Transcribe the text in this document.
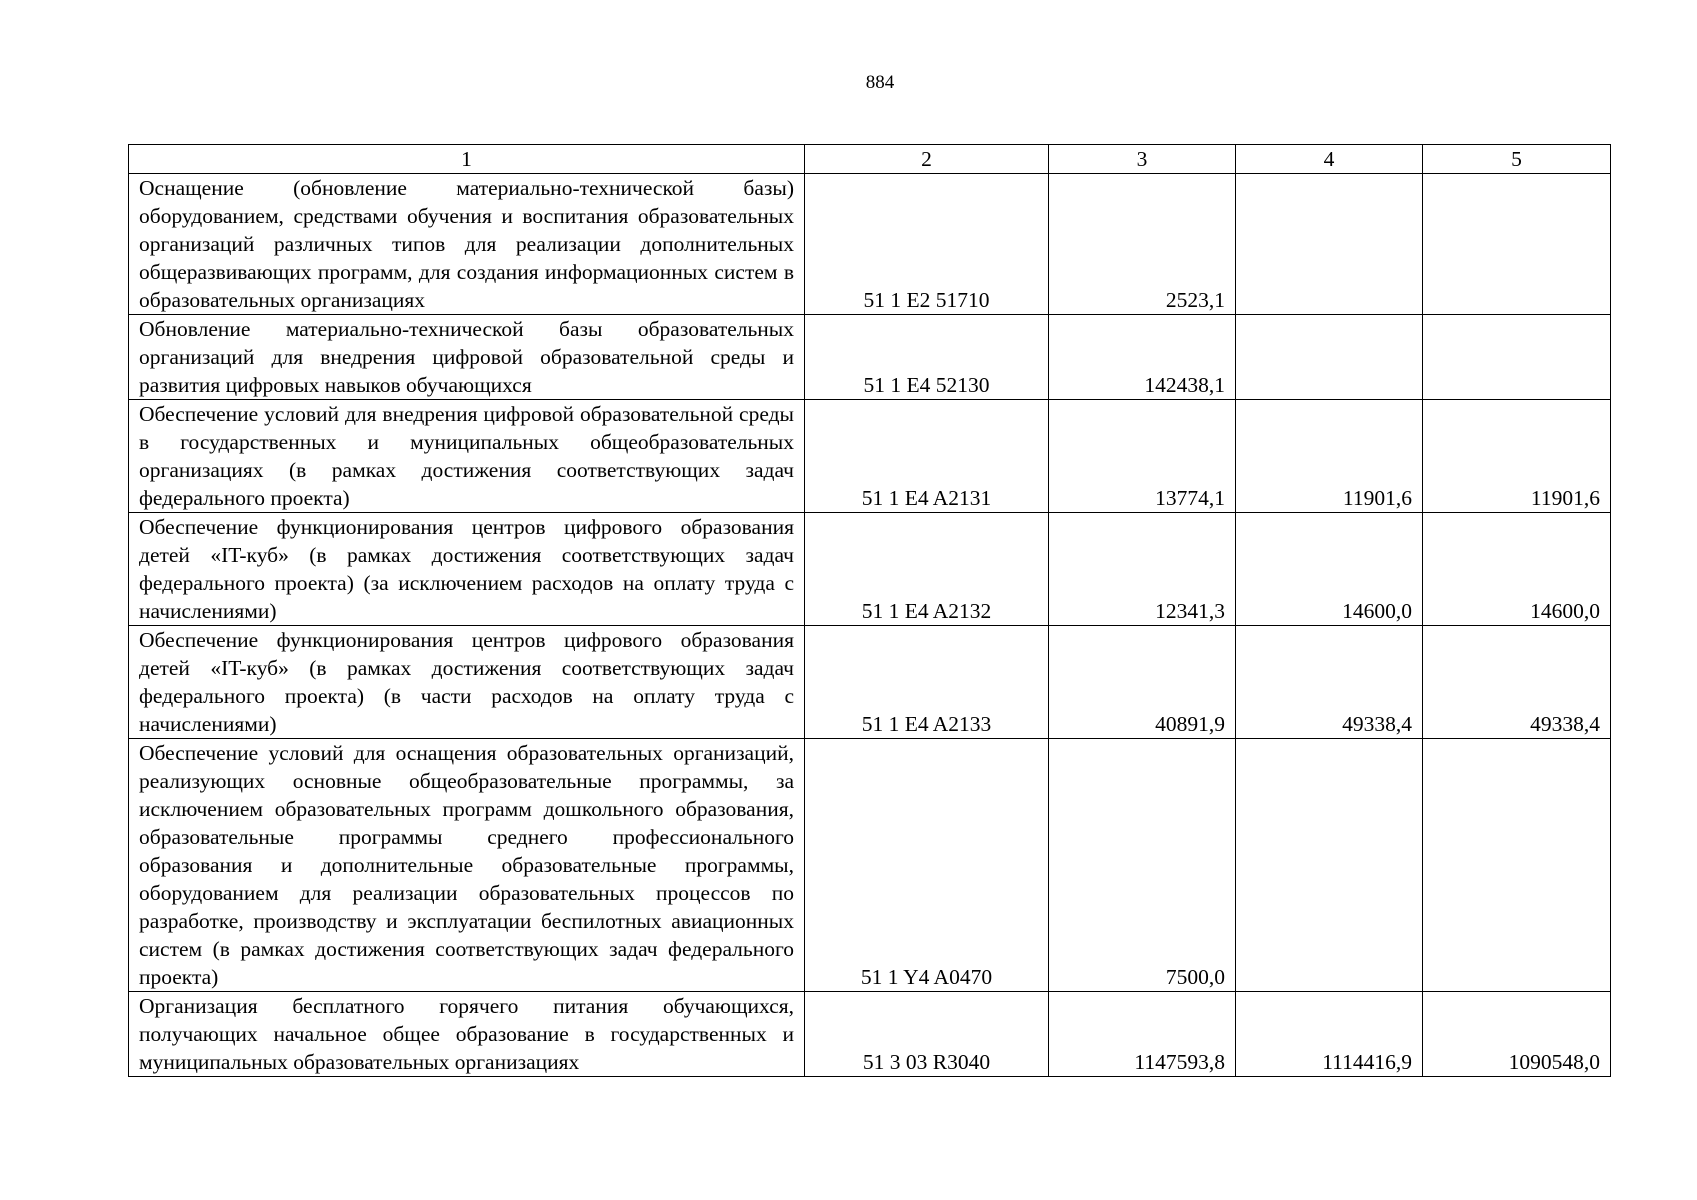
884
1	2	3	4	5
Оснащение (обновление материально-технической базы) оборудованием, средствами обучения и воспитания образовательных организаций различных типов для реализации дополнительных общеразвивающих программ, для создания информационных систем в образовательных организациях	51 1 E2 51710	2523,1		
Обновление материально-технической базы образовательных организаций для внедрения цифровой образовательной среды и развития цифровых навыков обучающихся	51 1 E4 52130	142438,1		
Обеспечение условий для внедрения цифровой образовательной среды в государственных и муниципальных общеобразовательных организациях (в рамках достижения соответствующих задач федерального проекта)	51 1 E4 A2131	13774,1	11901,6	11901,6
Обеспечение функционирования центров цифрового образования детей «IT-куб» (в рамках достижения соответствующих задач федерального проекта) (за исключением расходов на оплату труда с начислениями)	51 1 E4 A2132	12341,3	14600,0	14600,0
Обеспечение функционирования центров цифрового образования детей «IT-куб» (в рамках достижения соответствующих задач федерального проекта) (в части расходов на оплату труда с начислениями)	51 1 E4 A2133	40891,9	49338,4	49338,4
Обеспечение условий для оснащения образовательных организаций, реализующих основные общеобразовательные программы, за исключением образовательных программ дошкольного образования, образовательные программы среднего профессионального образования и дополнительные образовательные программы, оборудованием для реализации образовательных процессов по разработке, производству и эксплуатации беспилотных авиационных систем (в рамках достижения соответствующих задач федерального проекта)	51 1 Y4 A0470	7500,0		
Организация бесплатного горячего питания обучающихся, получающих начальное общее образование в государственных и муниципальных образовательных организациях	51 3 03 R3040	1147593,8	1114416,9	1090548,0
